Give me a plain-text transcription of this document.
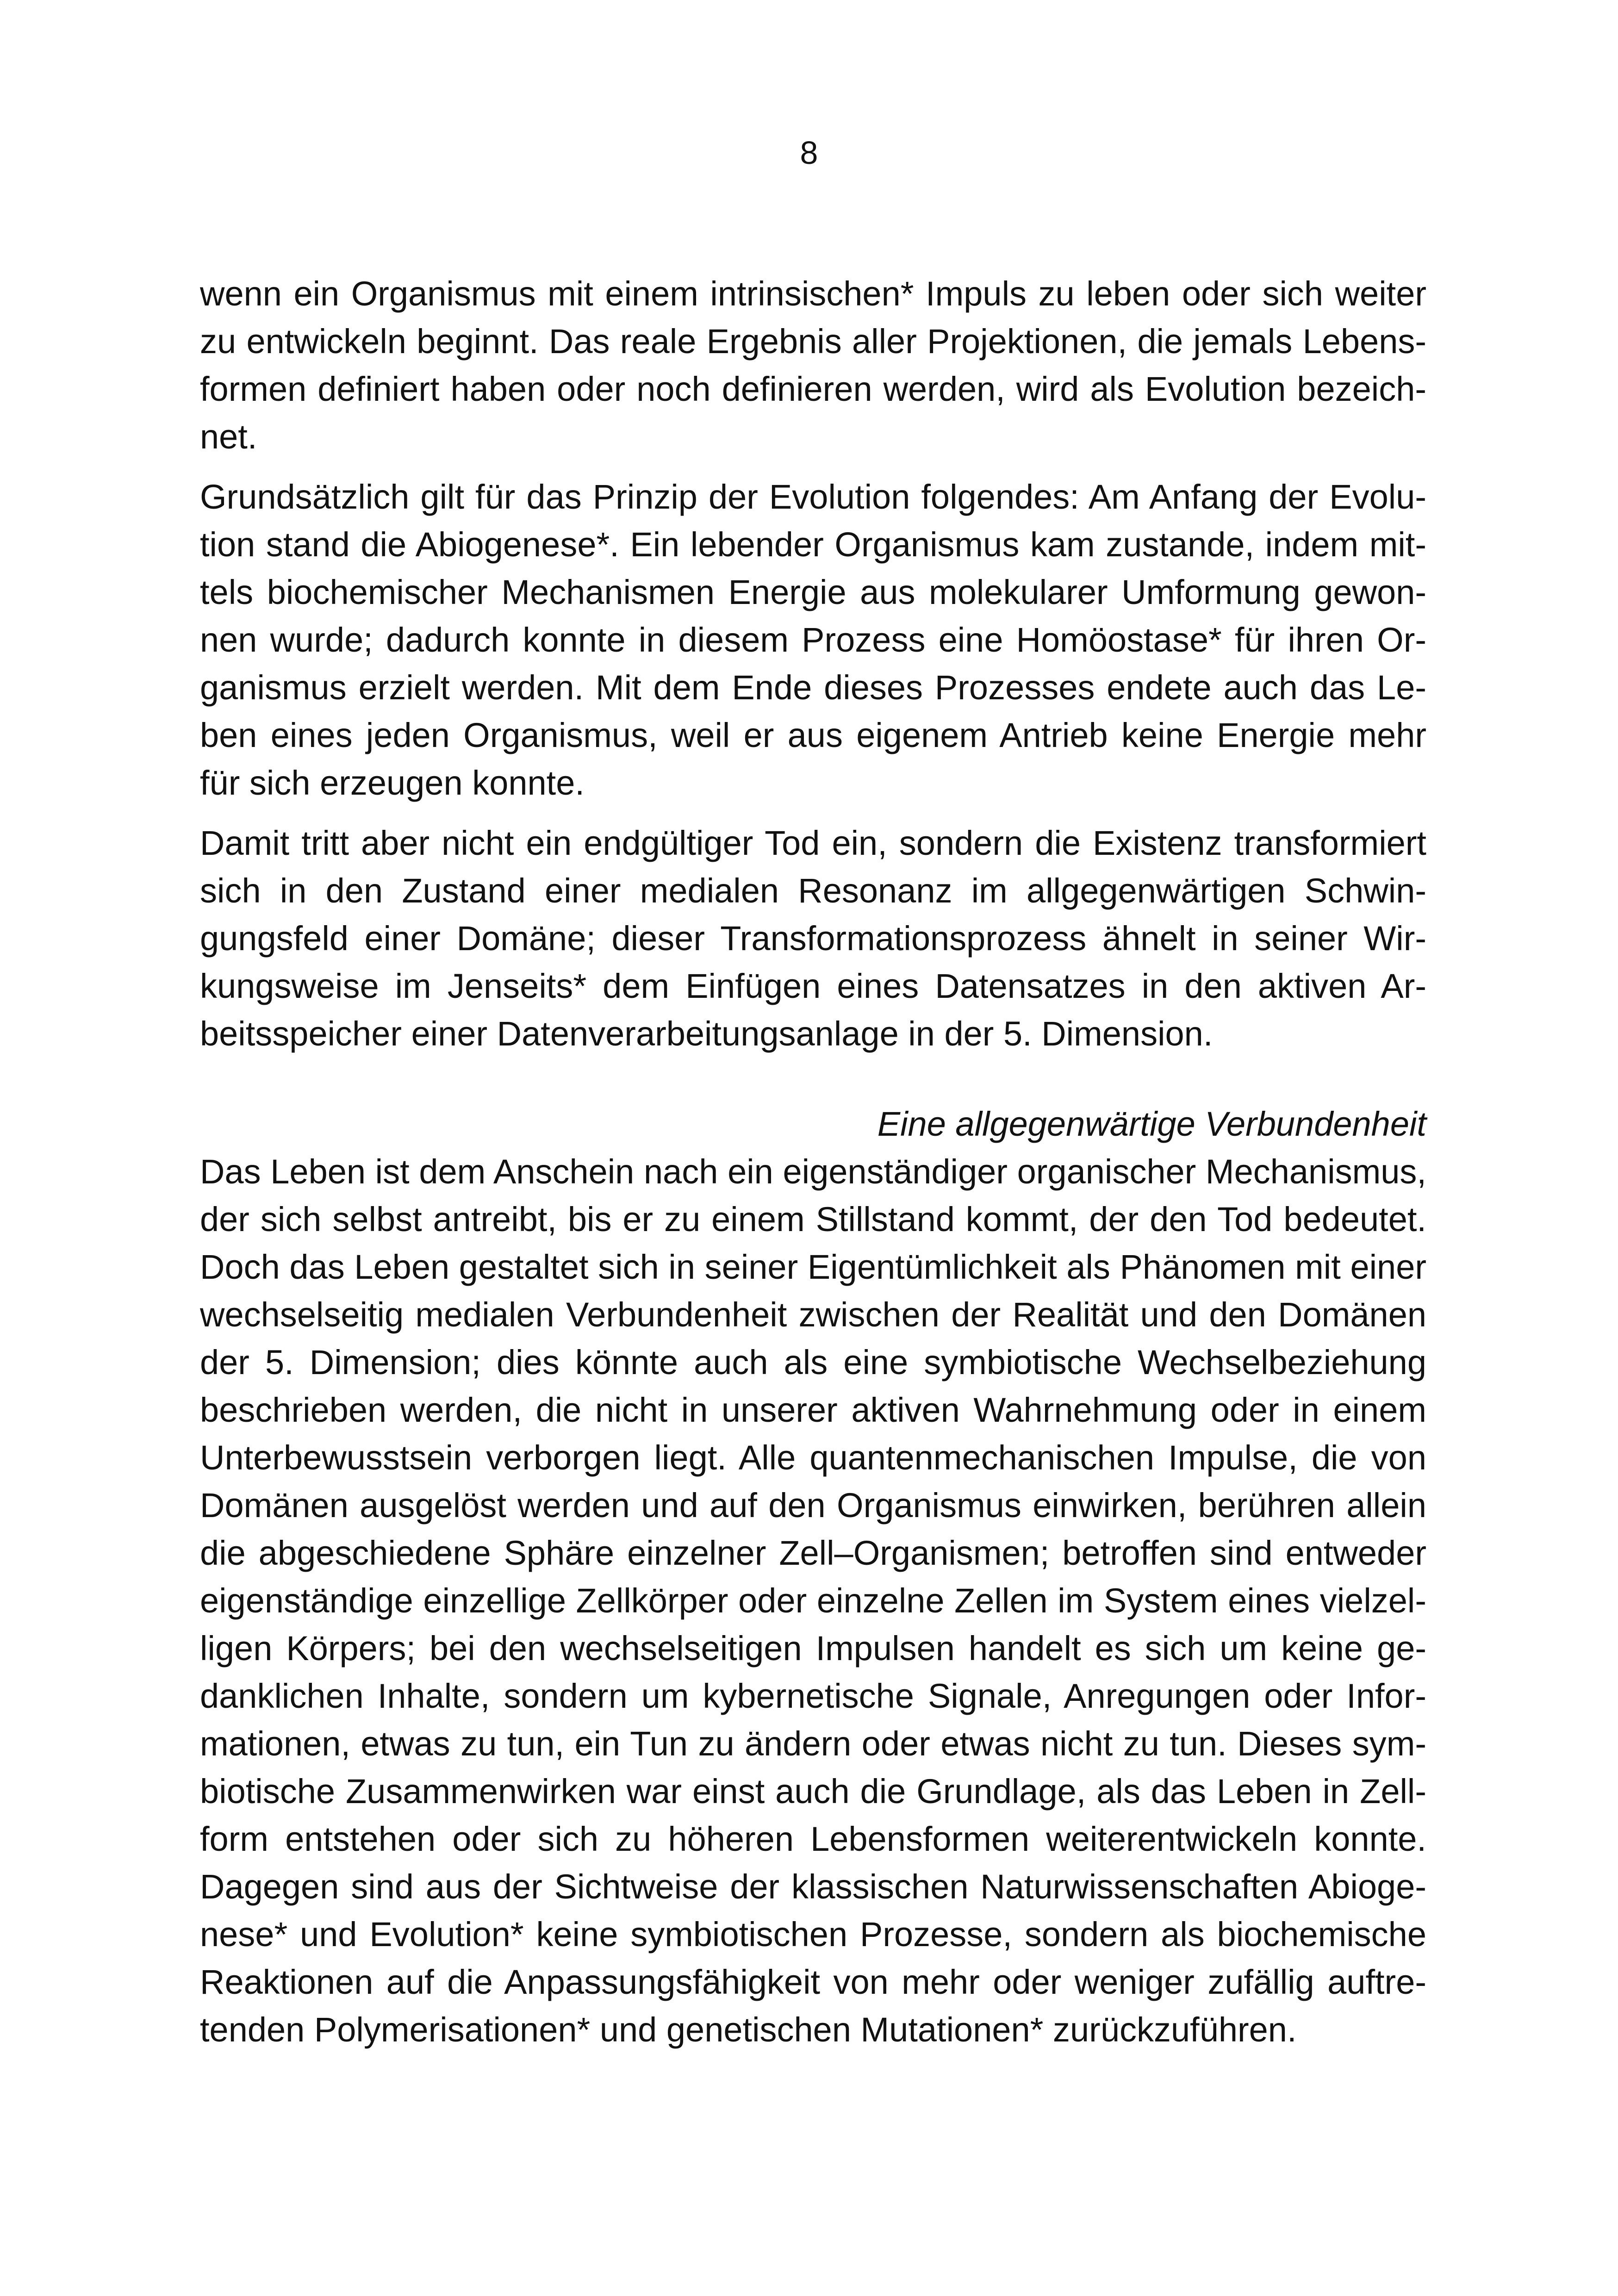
8
wenn ein Organismus mit einem intrinsischen* Impuls zu leben oder sich weiter
zu entwickeln beginnt. Das reale Ergebnis aller Projektionen, die jemals Lebens-
formen definiert haben oder noch definieren werden, wird als Evolution bezeich-
net.
Grundsätzlich gilt für das Prinzip der Evolution folgendes: Am Anfang der Evolu-
tion stand die Abiogenese*. Ein lebender Organismus kam zustande, indem mit-
tels biochemischer Mechanismen Energie aus molekularer Umformung gewon-
nen wurde; dadurch konnte in diesem Prozess eine Homöostase* für ihren Or-
ganismus erzielt werden. Mit dem Ende dieses Prozesses endete auch das Le-
ben eines jeden Organismus, weil er aus eigenem Antrieb keine Energie mehr
für sich erzeugen konnte.
Damit tritt aber nicht ein endgültiger Tod ein, sondern die Existenz transformiert
sich in den Zustand einer medialen Resonanz im allgegenwärtigen Schwin-
gungsfeld einer Domäne; dieser Transformationsprozess ähnelt in seiner Wir-
kungsweise im Jenseits* dem Einfügen eines Datensatzes in den aktiven Ar-
beitsspeicher einer Datenverarbeitungsanlage in der 5. Dimension.
Eine allgegenwärtige Verbundenheit
Das Leben ist dem Anschein nach ein eigenständiger organischer Mechanismus,
der sich selbst antreibt, bis er zu einem Stillstand kommt, der den Tod bedeutet.
Doch das Leben gestaltet sich in seiner Eigentümlichkeit als Phänomen mit einer
wechselseitig medialen Verbundenheit zwischen der Realität und den Domänen
der 5. Dimension; dies könnte auch als eine symbiotische Wechselbeziehung
beschrieben werden, die nicht in unserer aktiven Wahrnehmung oder in einem
Unterbewusstsein verborgen liegt. Alle quantenmechanischen Impulse, die von
Domänen ausgelöst werden und auf den Organismus einwirken, berühren allein
die abgeschiedene Sphäre einzelner Zell–Organismen; betroffen sind entweder
eigenständige einzellige Zellkörper oder einzelne Zellen im System eines vielzel-
ligen Körpers; bei den wechselseitigen Impulsen handelt es sich um keine ge-
danklichen Inhalte, sondern um kybernetische Signale, Anregungen oder Infor-
mationen, etwas zu tun, ein Tun zu ändern oder etwas nicht zu tun. Dieses sym-
biotische Zusammenwirken war einst auch die Grundlage, als das Leben in Zell-
form entstehen oder sich zu höheren Lebensformen weiterentwickeln konnte.
Dagegen sind aus der Sichtweise der klassischen Naturwissenschaften Abioge-
nese* und Evolution* keine symbiotischen Prozesse, sondern als biochemische
Reaktionen auf die Anpassungsfähigkeit von mehr oder weniger zufällig auftre-
tenden Polymerisationen* und genetischen Mutationen* zurückzuführen.
